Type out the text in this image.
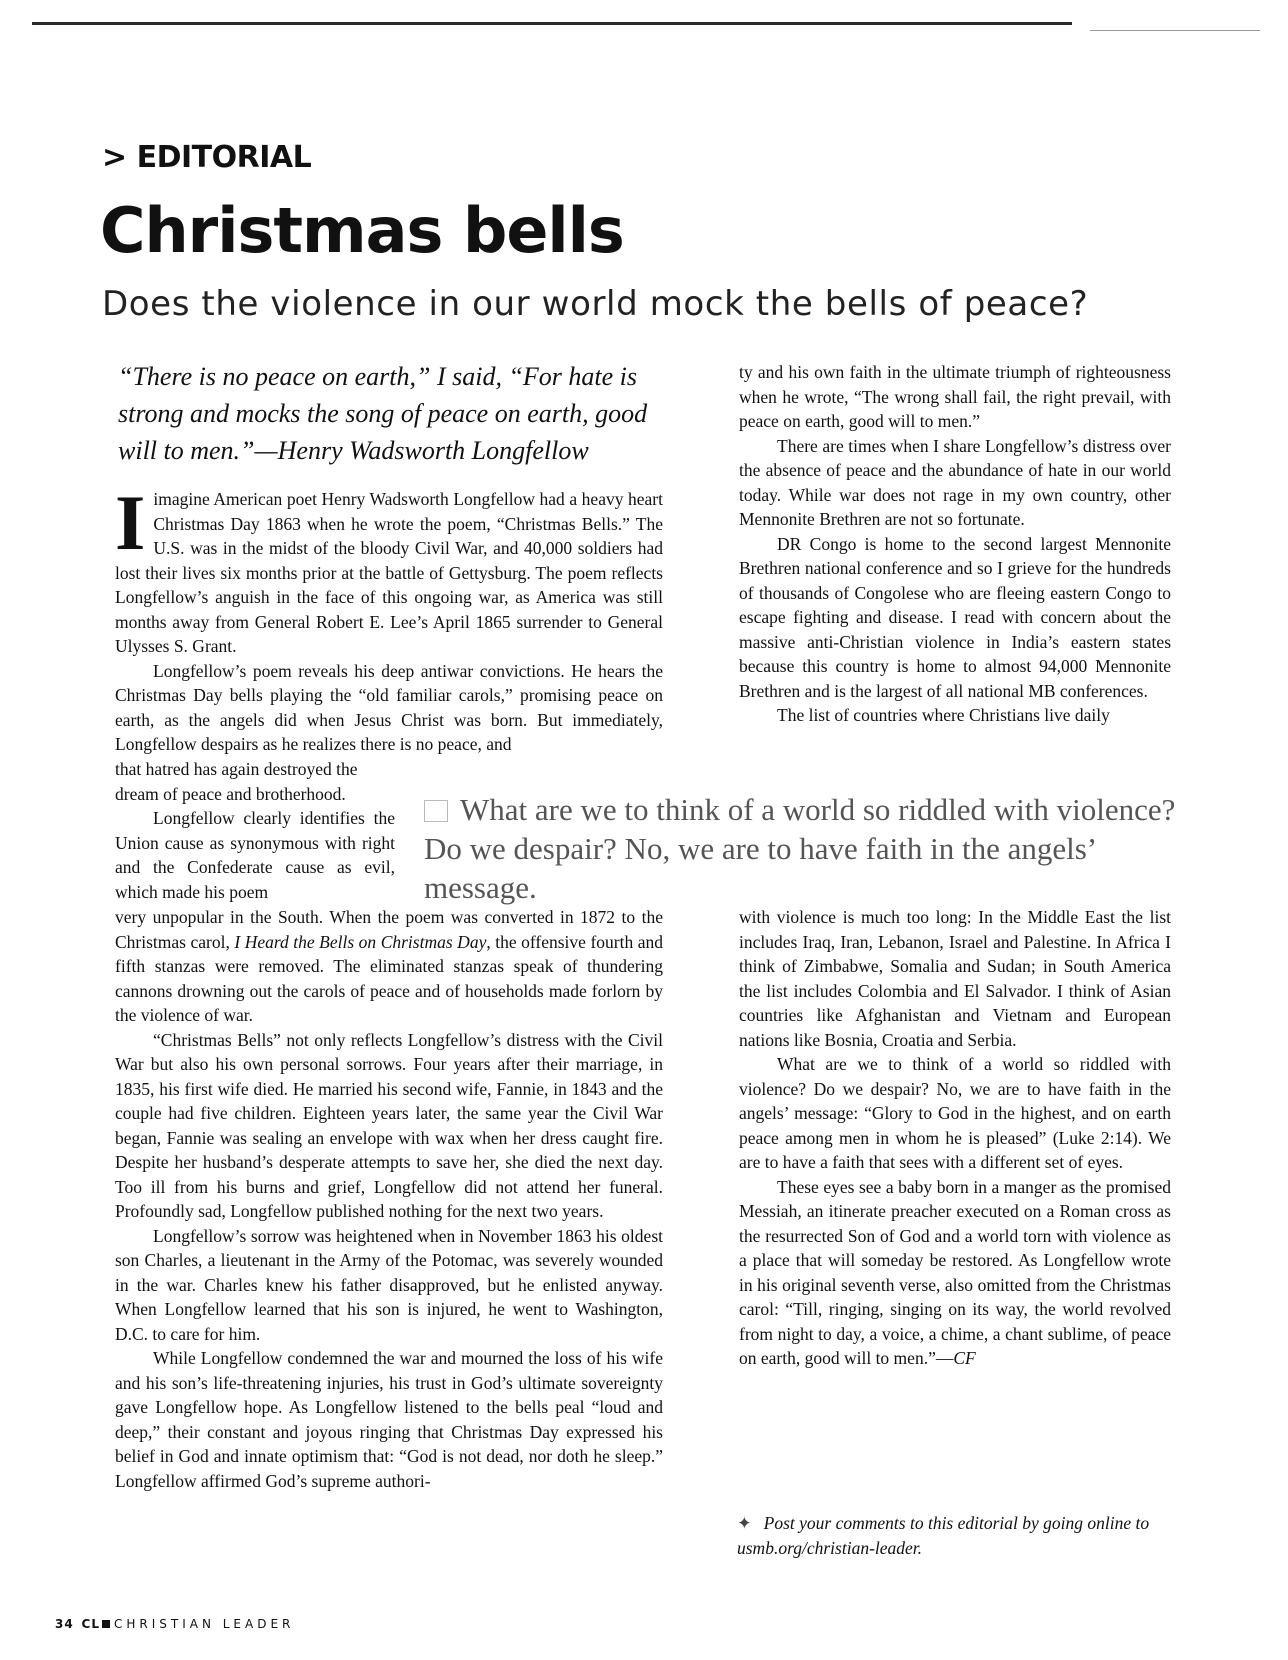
> EDITORIAL
Christmas bells
Does the violence in our world mock the bells of peace?
“There is no peace on earth,” I said, “For hate is strong and mocks the song of peace on earth, good will to men.”—Henry Wadsworth Longfellow

Iimagine American poet Henry Wadsworth Longfellow had a heavy heart Christmas Day 1863 when he wrote the poem, “Christmas Bells.” The U.S. was in the midst of the bloody Civil War, and 40,000 soldiers had lost their lives six months prior at the battle of Gettysburg. The poem reflects Longfellow’s anguish in the face of this ongoing war, as America was still months away from General Robert E. Lee’s April 1865 surrender to General Ulysses S. Grant.

Longfellow’s poem reveals his deep antiwar convictions. He hears the Christmas Day bells playing the “old familiar carols,” promising peace on earth, as the angels did when Jesus Christ was born. But immediately, Longfellow despairs as he realizes there is no peace, and

that hatred has again destroyed the dream of peace and brotherhood.

Longfellow clearly identifies the Union cause as synonymous with right and the Confederate cause as evil, which made his poem

What are we to think of a world so riddled with violence? Do we despair? No, we are to have faith in the angels’ message.

very unpopular in the South. When the poem was converted in 1872 to the Christmas carol, I Heard the Bells on Christmas Day, the offensive fourth and fifth stanzas were removed. The eliminated stanzas speak of thundering cannons drowning out the carols of peace and of households made forlorn by the violence of war.

“Christmas Bells” not only reflects Longfellow’s distress with the Civil War but also his own personal sorrows. Four years after their marriage, in 1835, his first wife died. He married his second wife, Fannie, in 1843 and the couple had five children. Eighteen years later, the same year the Civil War began, Fannie was sealing an envelope with wax when her dress caught fire. Despite her husband’s desperate attempts to save her, she died the next day. Too ill from his burns and grief, Longfellow did not attend her funeral. Profoundly sad, Longfellow published nothing for the next two years.

Longfellow’s sorrow was heightened when in November 1863 his oldest son Charles, a lieutenant in the Army of the Potomac, was severely wounded in the war. Charles knew his father disapproved, but he enlisted anyway. When Longfellow learned that his son is injured, he went to Washington, D.C. to care for him.

While Longfellow condemned the war and mourned the loss of his wife and his son’s life-threatening injuries, his trust in God’s ultimate sovereignty gave Longfellow hope. As Longfellow listened to the bells peal “loud and deep,” their constant and joyous ringing that Christmas Day expressed his belief in God and innate optimism that: “God is not dead, nor doth he sleep.” Longfellow affirmed God’s supreme authori-

ty and his own faith in the ultimate triumph of righteousness when he wrote, “The wrong shall fail, the right prevail, with peace on earth, good will to men.”

There are times when I share Longfellow’s distress over the absence of peace and the abundance of hate in our world today. While war does not rage in my own country, other Mennonite Brethren are not so fortunate.

DR Congo is home to the second largest Mennonite Brethren national conference and so I grieve for the hundreds of thousands of Congolese who are fleeing eastern Congo to escape fighting and disease. I read with concern about the massive anti-Christian violence in India’s eastern states because this country is home to almost 94,000 Mennonite Brethren and is the largest of all national MB conferences.

The list of countries where Christians live daily

with violence is much too long: In the Middle East the list includes Iraq, Iran, Lebanon, Israel and Palestine. In Africa I think of Zimbabwe, Somalia and Sudan; in South America the list includes Colombia and El Salvador. I think of Asian countries like Afghanistan and Vietnam and European nations like Bosnia, Croatia and Serbia.

What are we to think of a world so riddled with violence? Do we despair? No, we are to have faith in the angels’ message: “Glory to God in the highest, and on earth peace among men in whom he is pleased” (Luke 2:14). We are to have a faith that sees with a different set of eyes.

These eyes see a baby born in a manger as the promised Messiah, an itinerate preacher executed on a Roman cross as the resurrected Son of God and a world torn with violence as a place that will someday be restored. As Longfellow wrote in his original seventh verse, also omitted from the Christmas carol: “Till, ringing, singing on its way, the world revolved from night to day, a voice, a chime, a chant sublime, of peace on earth, good will to men.”—CF

✦ Post your comments to this editorial by going online to usmb.org/christian-leader.
34 CL CHRISTIAN LEADER
